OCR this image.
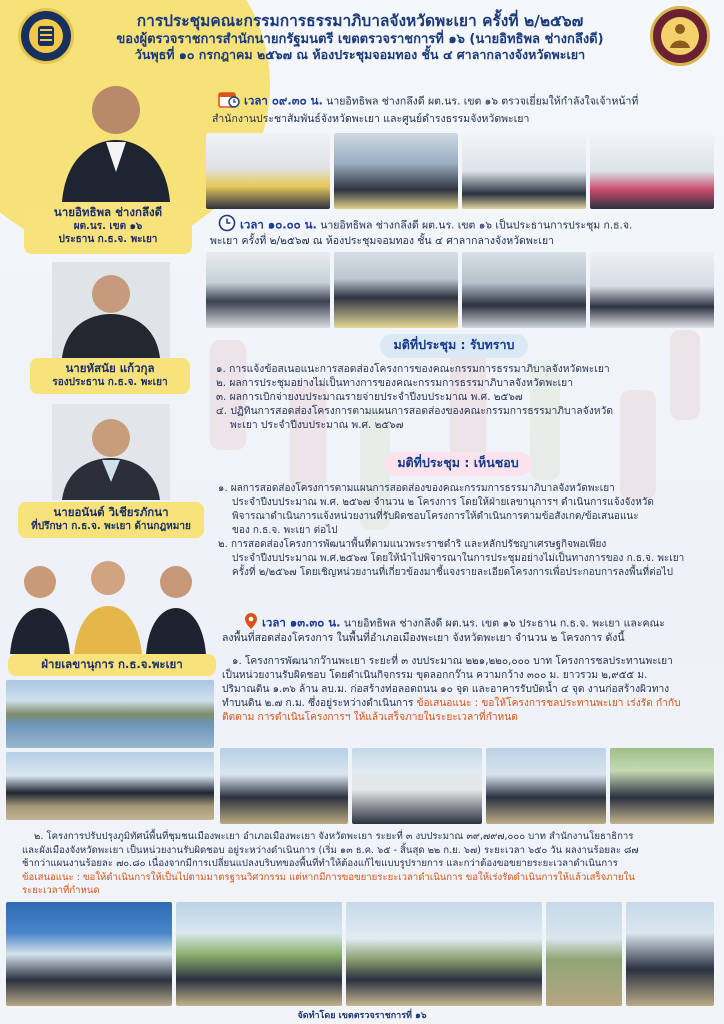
การประชุมคณะกรรมการธรรมาภิบาลจังหวัดพะเยา ครั้งที่ ๒/๒๕๖๗
ของผู้ตรวจราชการสำนักนายกรัฐมนตรี เขตตรวจราชการที่ ๑๖ (นายอิทธิพล ช่างกลึงดี)
วันพุธที่ ๑๐ กรกฎาคม ๒๕๖๗ ณ ห้องประชุมจอมทอง ชั้น ๔ ศาลากลางจังหวัดพะเยา
นายอิทธิพล ช่างกลึงดี
ผต.นร. เขต ๑๖
ประธาน ก.ธ.จ. พะเยา
นายหัสนัย แก้วกุล
รองประธาน ก.ธ.จ. พะเยา
นายอนันต์ วิเชียรภักนา
ที่ปรึกษา ก.ธ.จ. พะเยา ด้านกฎหมาย
ฝ่ายเลขานุการ ก.ธ.จ.พะเยา
เวลา ๐๙.๓๐ น. นายอิทธิพล ช่างกลึงดี ผต.นร. เขต ๑๖ ตรวจเยี่ยมให้กำลังใจเจ้าหน้าที่
สำนักงานประชาสัมพันธ์จังหวัดพะเยา และศูนย์ดำรงธรรมจังหวัดพะเยา
เวลา ๑๐.๐๐ น. นายอิทธิพล ช่างกลึงดี ผต.นร. เขต ๑๖ เป็นประธานการประชุม ก.ธ.จ.
พะเยา ครั้งที่ ๒/๒๕๖๗ ณ ห้องประชุมจอมทอง ชั้น ๔ ศาลากลางจังหวัดพะเยา
มติที่ประชุม : รับทราบ
๑. การแจ้งข้อสเนอแนะการสอดส่องโครงการของคณะกรรมการธรรมาภิบาลจังหวัดพะเยา
๒. ผลการประชุมอย่างไม่เป็นทางการของคณะกรรมการธรรมาภิบาลจังหวัดพะเยา
๓. ผลการเบิกจ่ายงบประมาณรายจ่ายประจำปีงบประมาณ พ.ศ. ๒๕๖๗
๔. ปฏิทินการสอดส่องโครงการตามแผนการสอดส่องของคณะกรรมการธรรมาภิบาลจังหวัด
พะเยา ประจำปีงบประมาณ พ.ศ. ๒๕๖๗
มติที่ประชุม : เห็นชอบ
๑. ผลการสอดส่องโครงการตามแผนการสอดส่องของคณะกรรมการธรรมาภิบาลจังหวัดพะเยา
ประจำปีงบประมาณ พ.ศ. ๒๕๖๗ จำนวน ๒ โครงการ โดยให้ฝ่ายเลขานุการฯ ดำเนินการแจ้งจังหวัด
พิจารณาดำเนินการแจ้งหน่วยงานที่รับผิดชอบโครงการให้ดำเนินการตามข้อสังเกต/ข้อเสนอแนะ
ของ ก.ธ.จ. พะเยา ต่อไป
๒. การสอดส่องโครงการพัฒนาพื้นที่ตามแนวพระราชดำริ และหลักปรัชญาเศรษฐกิจพอเพียง
ประจำปีงบประมาณ พ.ศ.๒๕๖๗ โดยให้นำไปพิจารณาในการประชุมอย่างไม่เป็นทางการของ ก.ธ.จ. พะเยา
ครั้งที่ ๒/๒๕๖๗ โดยเชิญหน่วยงานที่เกี่ยวข้องมาชี้แจงรายละเอียดโครงการเพื่อประกอบการลงพื้นที่ต่อไป
เวลา ๑๓.๓๐ น. นายอิทธิพล ช่างกลึงดี ผต.นร. เขต ๑๖ ประธาน ก.ธ.จ. พะเยา และคณะ
ลงพื้นที่สอดส่องโครงการ ในพื้นที่อำเภอเมืองพะเยา จังหวัดพะเยา จำนวน ๒ โครงการ ดังนี้
๑. โครงการพัฒนากว๊านพะเยา ระยะที่ ๓ งบประมาณ ๒๒๑,๒๒๐,๐๐๐ บาท โครงการชลประทานพะเยา
เป็นหน่วยงานรับผิดชอบ โดยดำเนินกิจกรรม ขุดลอกกว๊าน ความกว้าง ๓๐๐ ม. ยาวรวม ๒,๙๕๕ ม.
ปริมาณดิน ๑.๓๖ ล้าน ลบ.ม. ก่อสร้างท่อลอดถนน ๑๐ จุด และอาคารรับบัดน้ำ ๔ จุด งานก่อสร้างผิวทาง
ทำบนดิน ๒.๗ ก.ม. ซึ่งอยู่ระหว่างดำเนินการ ข้อเสนอแนะ : ขอให้โครงการชลประทานพะเยา เร่งรัด กำกับ
ติดตาม การดำเนินโครงการฯ ให้แล้วเสร็จภายในระยะเวลาที่กำหนด
๒. โครงการปรับปรุงภูมิทัศน์พื้นที่ชุมชนเมืองพะเยา อำเภอเมืองพะเยา จังหวัดพะเยา ระยะที่ ๓ งบประมาณ ๓๙,๗๙๗,๐๐๐ บาท สำนักงานโยธาธิการ
และผังเมืองจังหวัดพะเยา เป็นหน่วยงานรับผิดชอบ อยู่ระหว่างดำเนินการ (เริ่ม ๑๓ ธ.ค. ๖๕ - สิ้นสุด ๒๒ ก.ย. ๖๗) ระยะเวลา ๖๕๐ วัน ผลงานร้อยละ ๘๗
ช้ากว่าแผนงานร้อยละ ๗๐.๘๐ เนื่องจากมีการเปลี่ยนแปลงบริบทของพื้นที่ทำให้ต้องแก้ไขแบบรูปรายการ และกว่าต้องขอขยายระยะเวลาดำเนินการ
ข้อเสนอแนะ : ขอให้ดำเนินการให้เป็นไปตามมาตรฐานวิศวกรรม แต่หากมีการขอขยายระยะเวลาดำเนินการ ขอให้เร่งรัดดำเนินการให้แล้วเสร็จภายใน
ระยะเวลาที่กำหนด
จัดทำโดย เขตตรวจราชการที่ ๑๖
